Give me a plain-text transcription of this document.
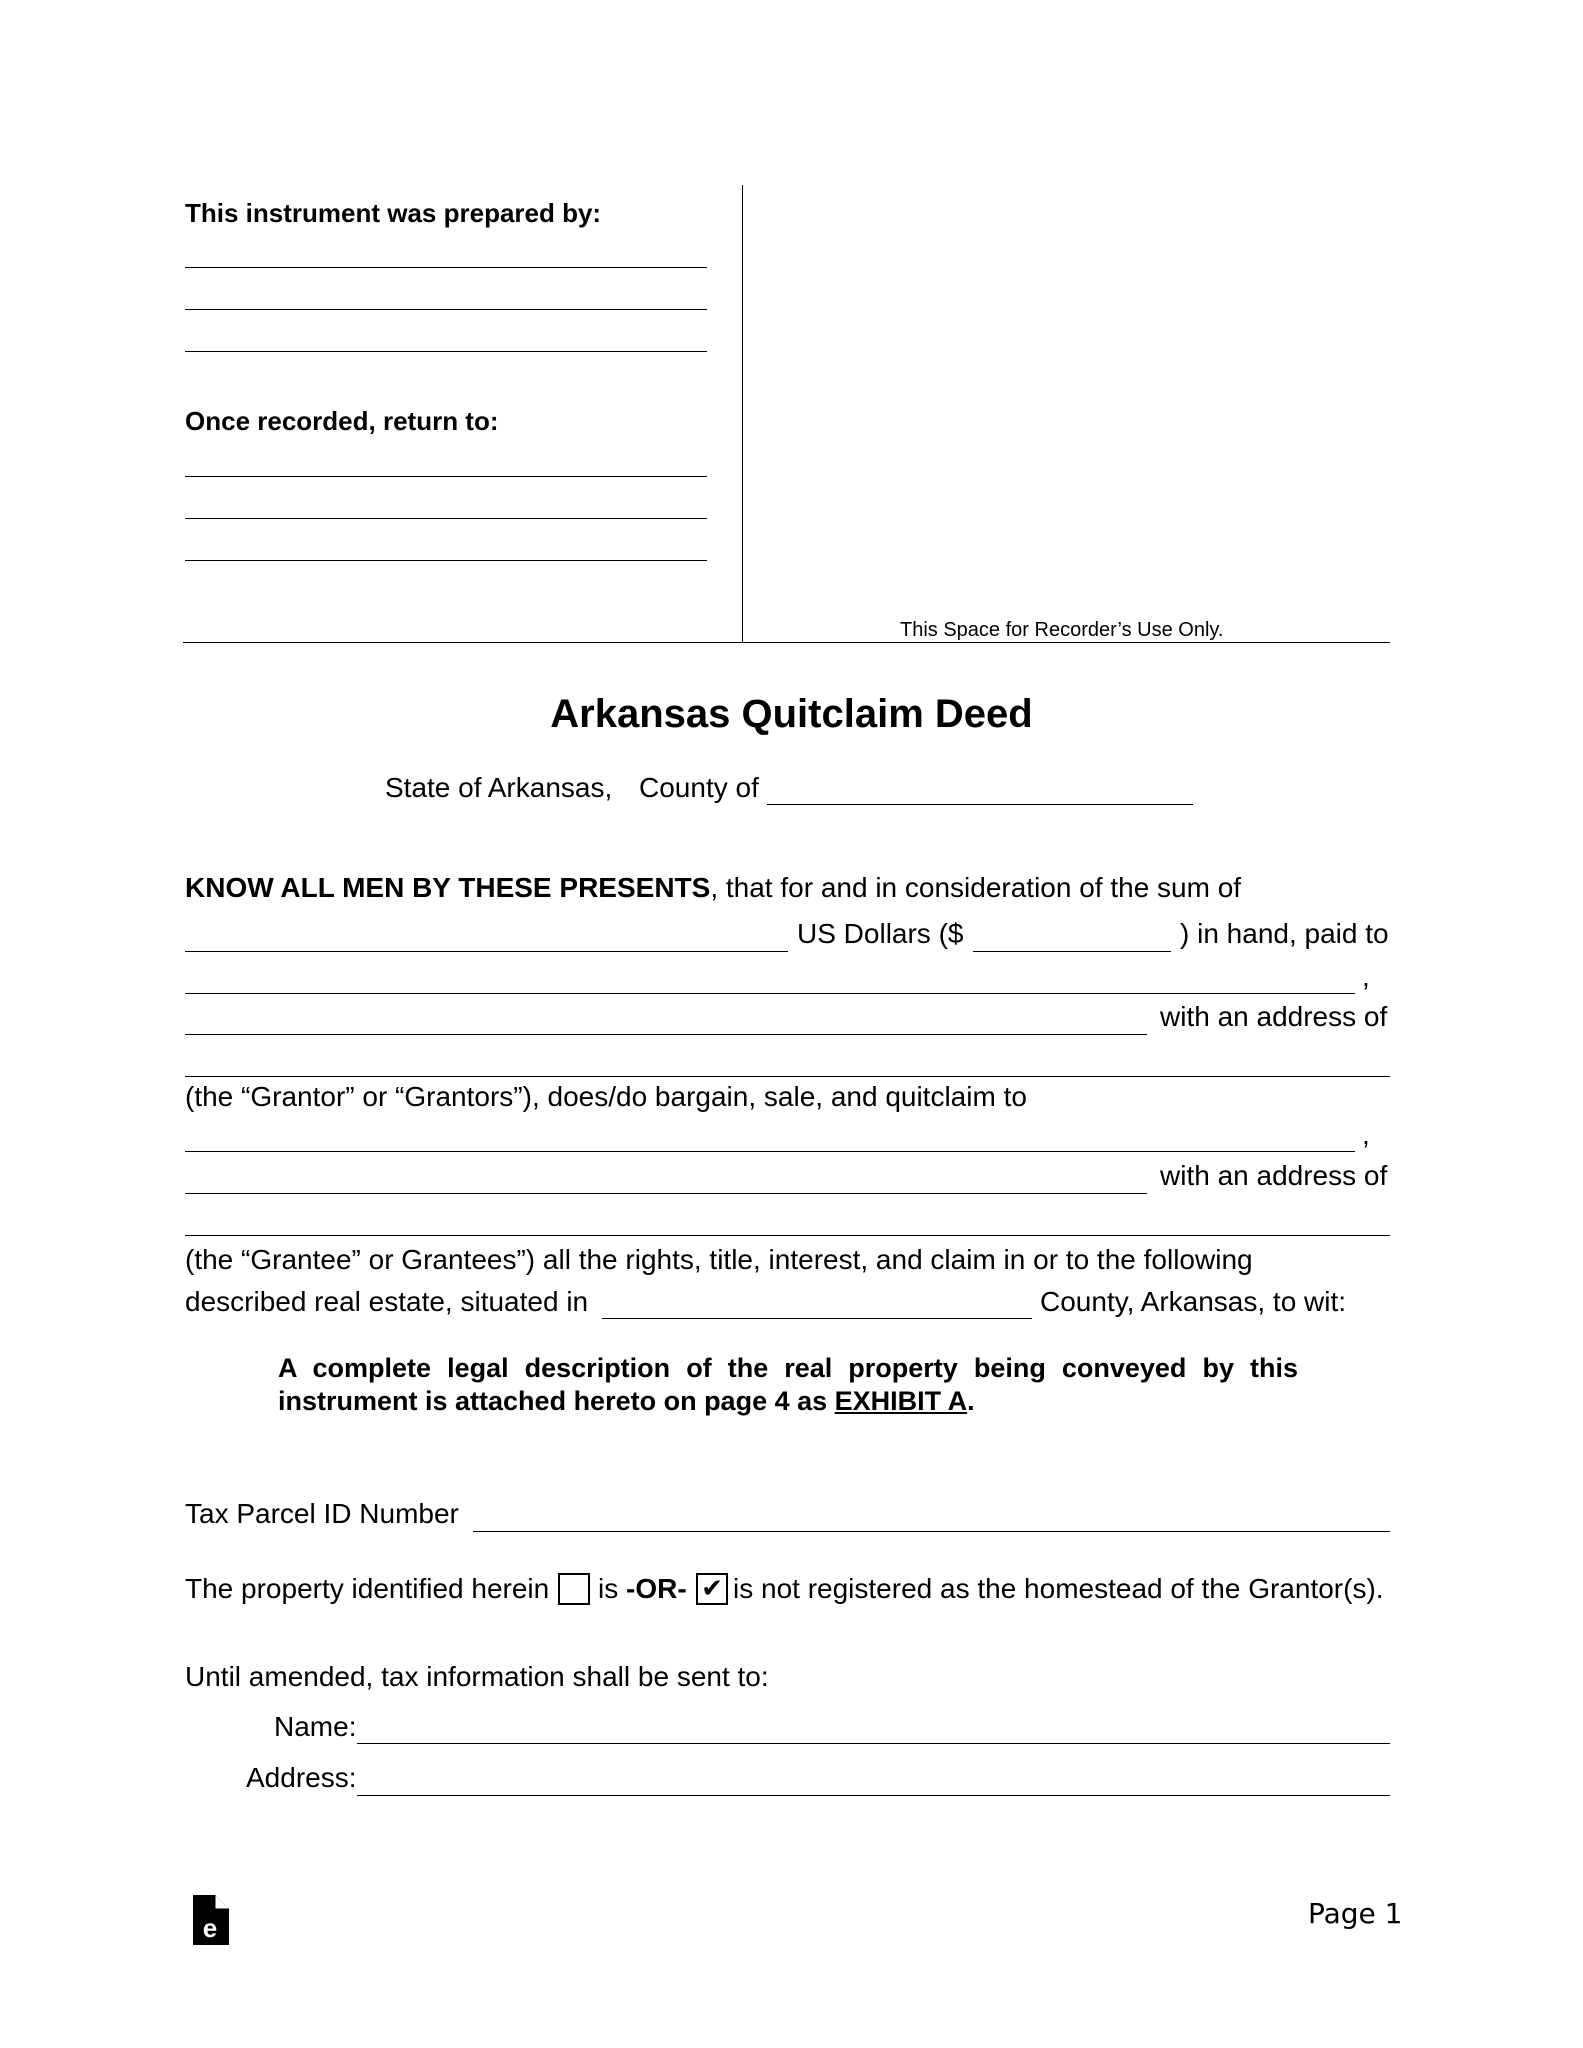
This instrument was prepared by:
Once recorded, return to:
This Space for Recorder’s Use Only.
Arkansas Quitclaim Deed
State of Arkansas, County of
KNOW ALL MEN BY THESE PRESENTS, that for and in consideration of the sum of
US Dollars ($	) in hand, paid to
,
with an address of
(the “Grantor” or “Grantors”), does/do bargain, sale, and quitclaim to
,
with an address of
(the “Grantee” or Grantees”) all the rights, title, interest, and claim in or to the following
described real estate, situated in	County, Arkansas, to wit:
A complete legal description of the real property being conveyed by this
instrument is attached hereto on page 4 as EXHIBIT A.
Tax Parcel ID Number
The property identified herein is -OR- ✔ is not registered as the homestead of the Grantor(s).
Until amended, tax information shall be sent to:
Name:
Address:
e	Page 1
